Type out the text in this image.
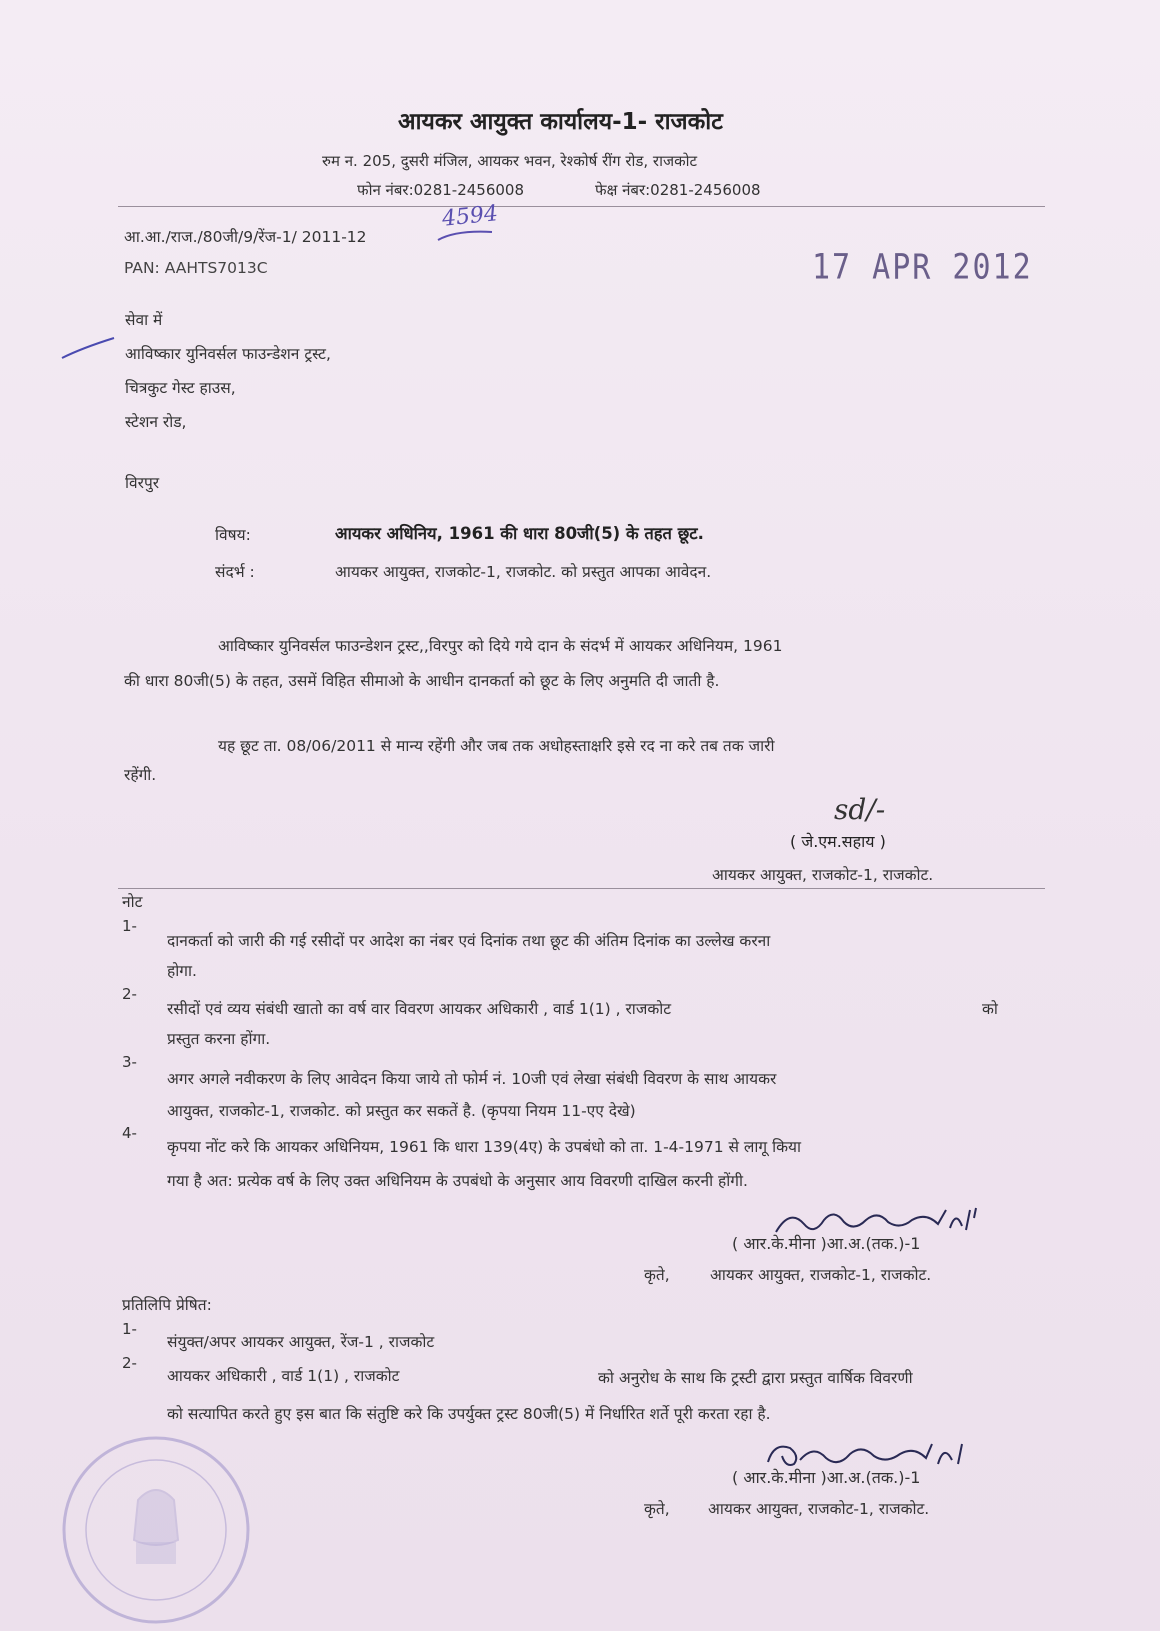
आयकर आयुक्त कार्यालय-1- राजकोट
रुम न. 205, दुसरी मंजिल, आयकर भवन, रेश्कोर्ष रींग रोड, राजकोट
फोन नंबर:0281-2456008	फेक्ष नंबर:0281-2456008
आ.आ./राज./80जी/9/रेंज-1/ 2011-12
4594
PAN: AAHTS7013C	17 APR 2012
सेवा में
आविष्कार युनिवर्सल फाउन्डेशन ट्रस्ट,
चित्रकुट गेस्ट हाउस,
स्टेशन रोड,
विरपुर
विषय:	आयकर अधिनिय, 1961 की धारा 80जी(5) के तहत छूट.
संदर्भ :	आयकर आयुक्त, राजकोट-1, राजकोट. को प्रस्तुत आपका आवेदन.
आविष्कार युनिवर्सल फाउन्डेशन ट्रस्ट,,विरपुर को दिये गये दान के संदर्भ में आयकर अधिनियम, 1961
की धारा 80जी(5) के तहत, उसमें विहित सीमाओ के आधीन दानकर्ता को छूट के लिए अनुमति दी जाती है.
यह छूट ता. 08/06/2011 से मान्य रहेंगी और जब तक अधोहस्ताक्षरि इसे रद ना करे तब तक जारी
रहेंगी.
sd/-
( जे.एम.सहाय )
आयकर आयुक्त, राजकोट-1, राजकोट.
नोट
1-
दानकर्ता को जारी की गई रसीदों पर आदेश का नंबर एवं दिनांक तथा छूट की अंतिम दिनांक का उल्लेख करना
होगा.
2-
रसीदों एवं व्यय संबंधी खातो का वर्ष वार विवरण आयकर अधिकारी , वार्ड 1(1) , राजकोट	को
प्रस्तुत करना होंगा.
3-
अगर अगले नवीकरण के लिए आवेदन किया जाये तो फोर्म नं. 10जी एवं लेखा संबंधी विवरण के साथ आयकर
आयुक्त, राजकोट-1, राजकोट. को प्रस्तुत कर सकतें है. (कृपया नियम 11-एए देखे)
4-
कृपया नोंट करे कि आयकर अधिनियम, 1961 कि धारा 139(4ए) के उपबंधो को ता. 1-4-1971 से लागू किया
गया है अत: प्रत्येक वर्ष के लिए उक्त अधिनियम के उपबंधो के अनुसार आय विवरणी दाखिल करनी होंगी.
( आर.के.मीना )आ.अ.(तक.)-1
कृते,	आयकर आयुक्त, राजकोट-1, राजकोट.
प्रतिलिपि प्रेषित:
1-
संयुक्त/अपर आयकर आयुक्त, रेंज-1 , राजकोट
2-
आयकर अधिकारी , वार्ड 1(1) , राजकोट	को अनुरोध के साथ कि ट्रस्टी द्वारा प्रस्तुत वार्षिक विवरणी
को सत्यापित करते हुए इस बात कि संतुष्टि करे कि उपर्युक्त ट्रस्ट 80जी(5) में निर्धारित शर्ते पूरी करता रहा है.
( आर.के.मीना )आ.अ.(तक.)-1
कृते, आयकर आयुक्त, राजकोट-1, राजकोट.
